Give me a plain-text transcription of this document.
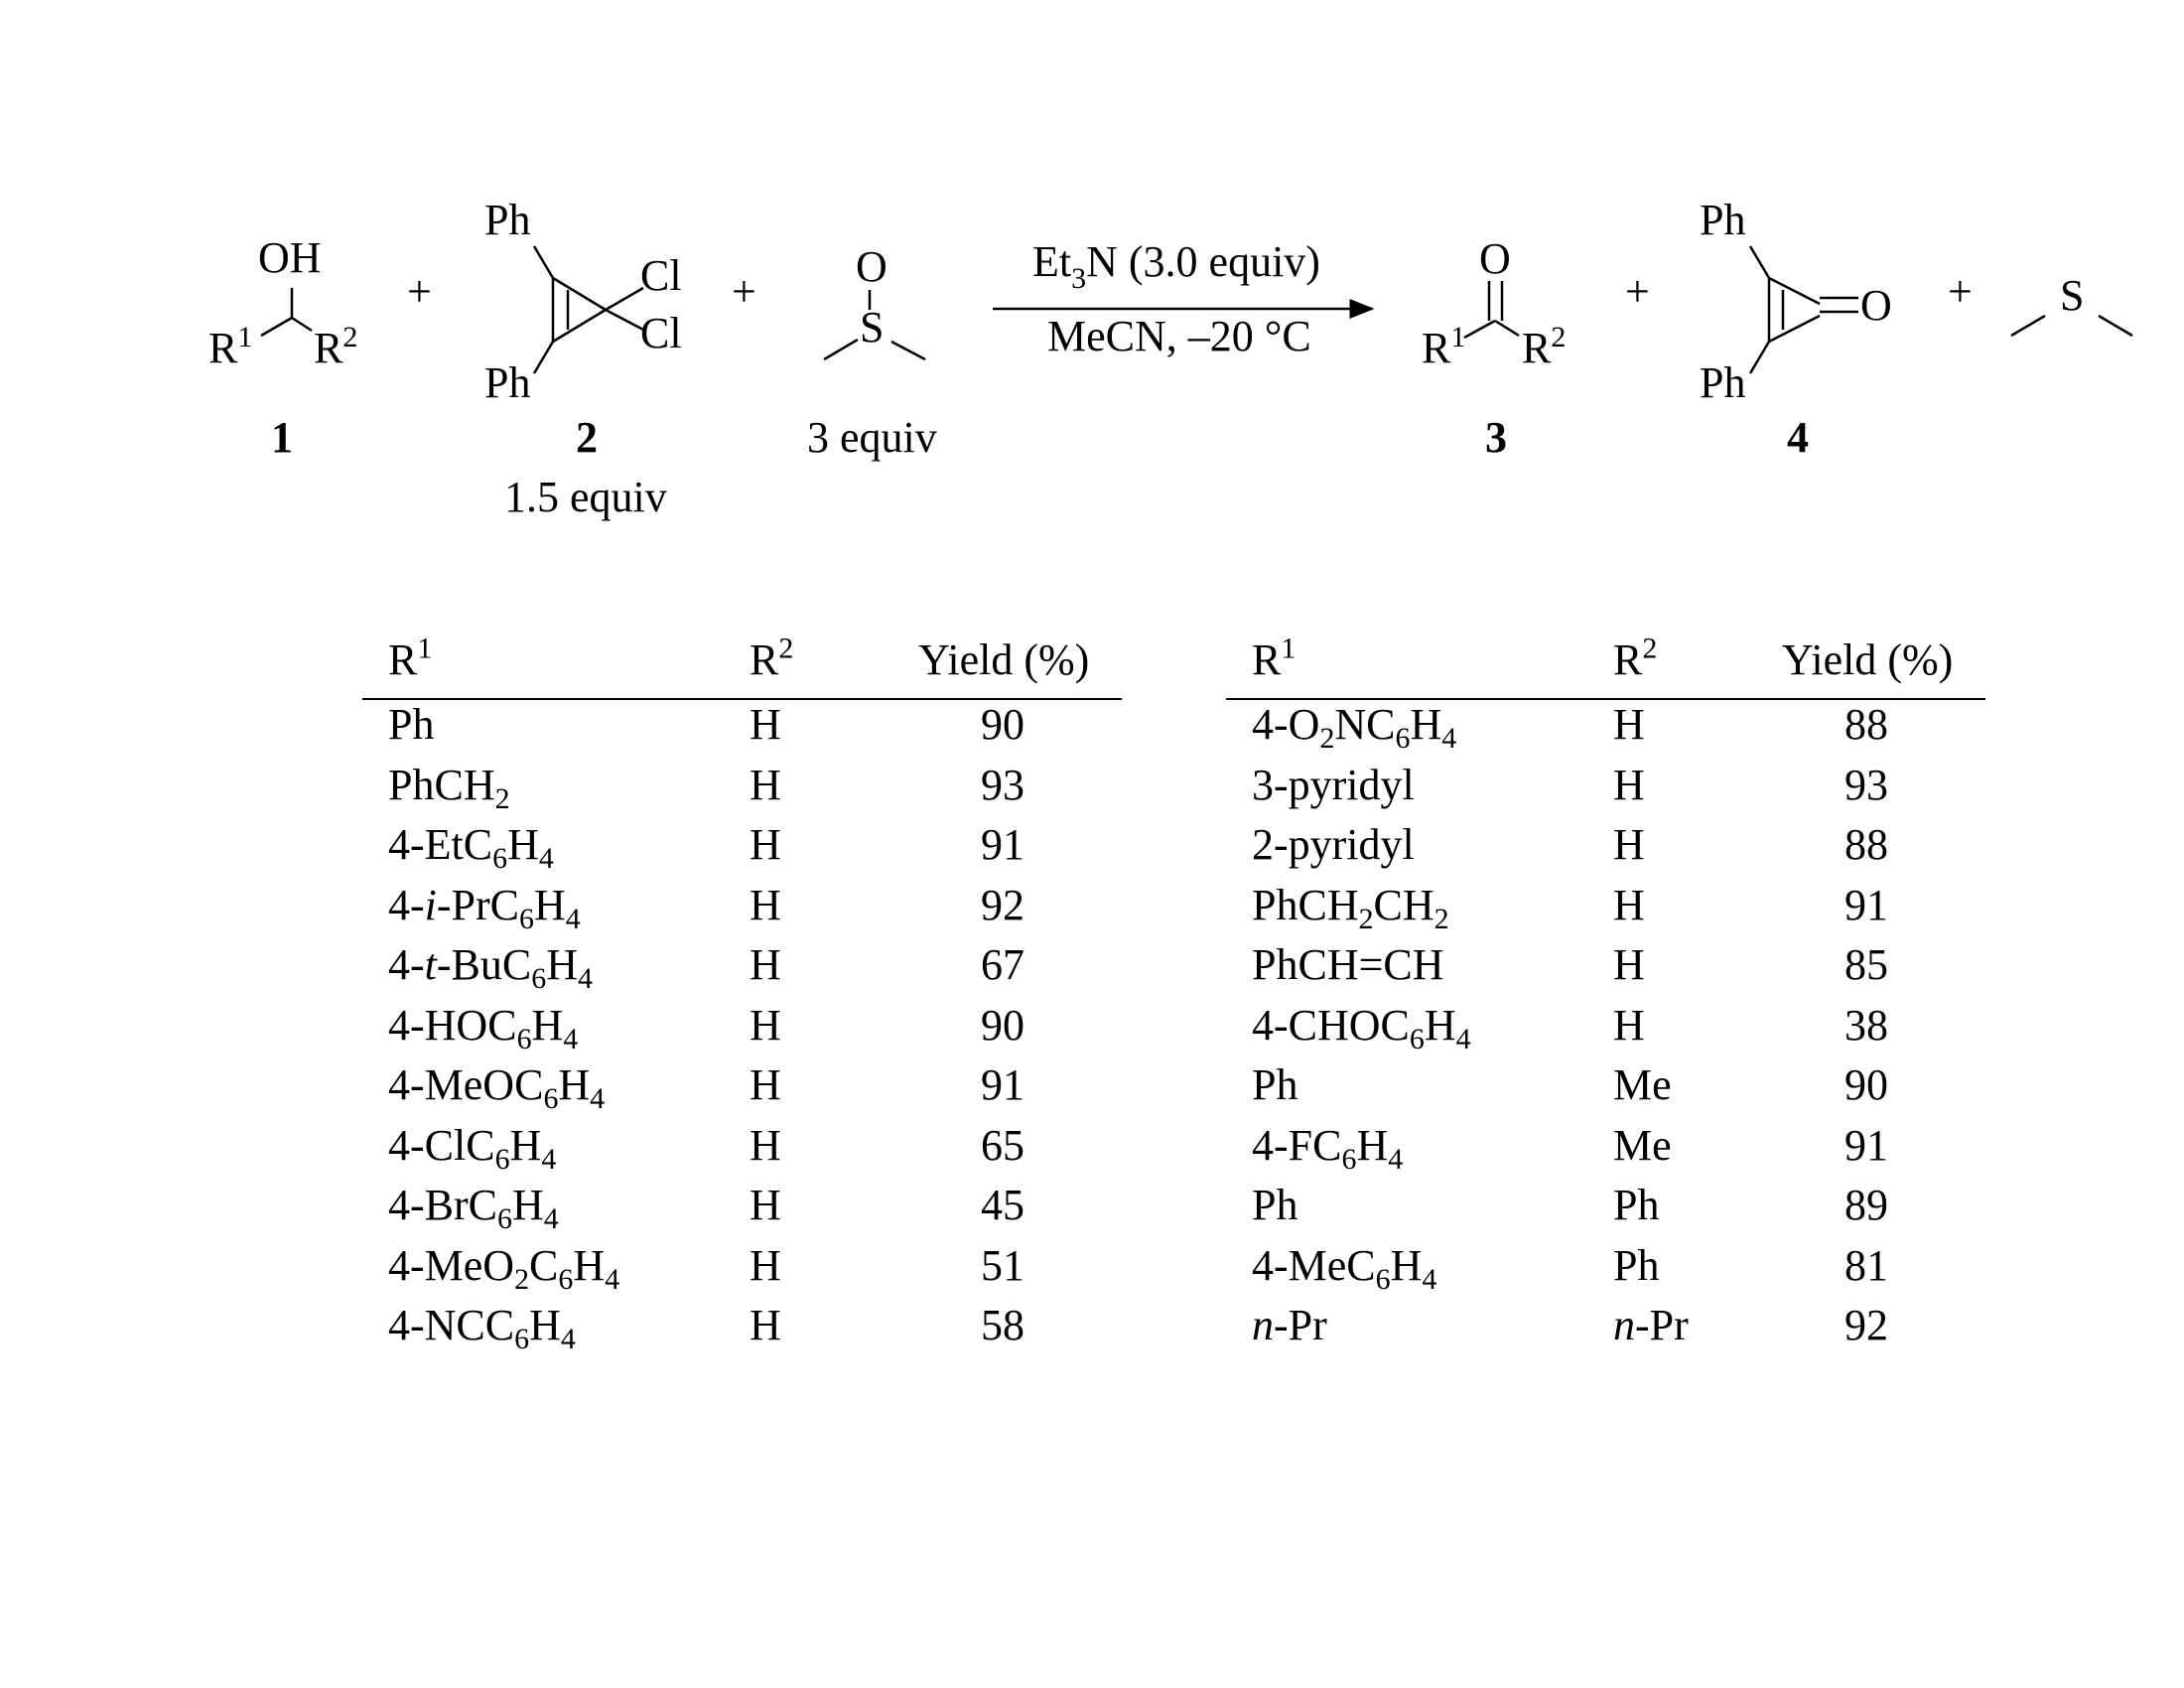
OH
$R^1$ $R^2$
1
+
Ph
Ph
Cl
Cl
2
1.5 equiv
+
O
S
3 equiv
$Et_3N$ (3.0 equiv)
MeCN, –20 °C
O
$R^1$ $R^2$
3
+
Ph
Ph
O
4
+ S
$R^1$	$R^2$	Yield (%)
Ph	H	90
PhCH$_2$	H	93
$4-EtC_6H_4$	H	91
$4-i-PrC_6H_4$	H	92
$4-t-BuC_6H_4$	H	67
$4-HOC_6H_4$	H	90
$4-MeOC_6H_4$	H	91
$4-ClC_6H_4$	H	65
$4-BrC_6H_4$	H	45
$4-MeO_2C_6H_4$	H	51
$4-NCC_6H_4$	H	58
$R^1$	$R^2$	Yield (%)
$4-O_2NC_6H_4$	H	88
3-pyridyl	H	93
2-pyridyl	H	88
$PhCH_2CH_2$	H	91
PhCH=CH	H	85
$4-CHOC_6H_4$	H	38
Ph	Me	90
$4-FC_6H_4$	Me	91
Ph	Ph	89
$4-MeC_6H_4$	Ph	81
n-Pr	n-Pr	92
